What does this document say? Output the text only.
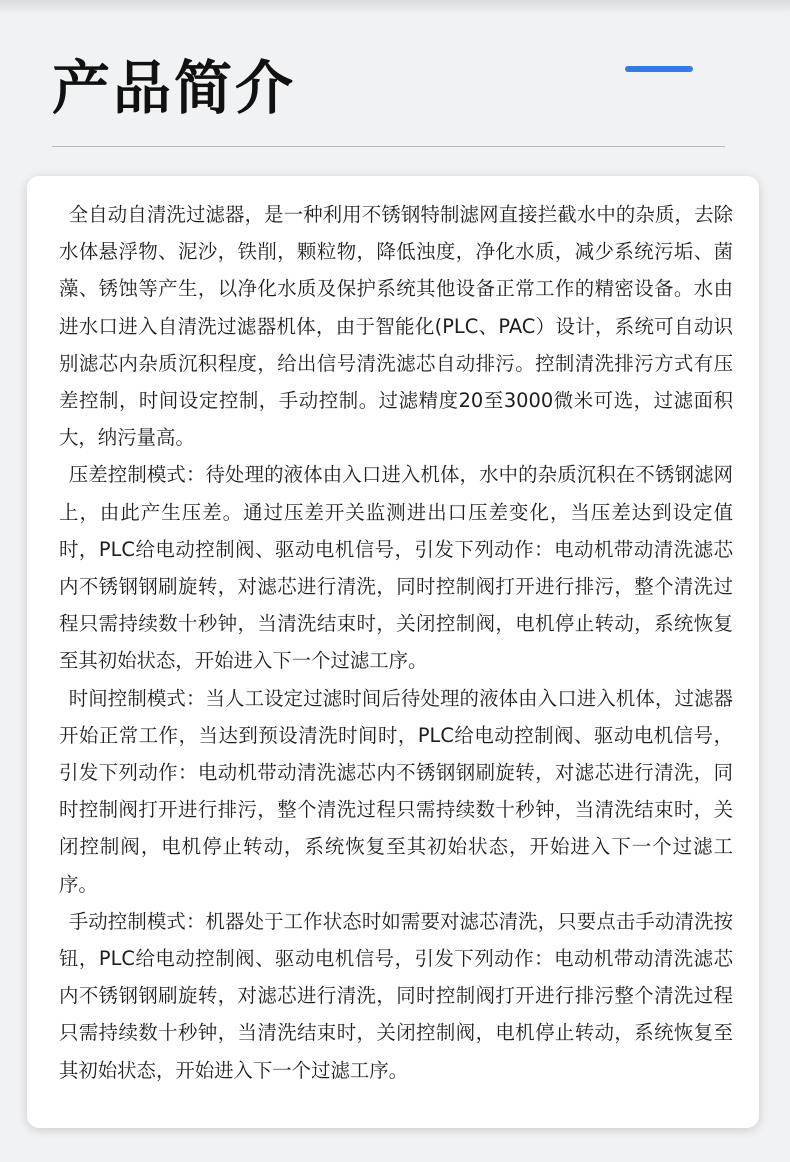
产品简介

全自动自清洗过滤器，是一种利用不锈钢特制滤网直接拦截水中的杂质，去除水体悬浮物、泥沙，铁削，颗粒物，降低浊度，净化水质，减少系统污垢、菌藻、锈蚀等产生，以净化水质及保护系统其他设备正常工作的精密设备。水由进水口进入自清洗过滤器机体，由于智能化(PLC、PAC）设计，系统可自动识别滤芯内杂质沉积程度，给出信号清洗滤芯自动排污。控制清洗排污方式有压差控制，时间设定控制，手动控制。过滤精度20至3000微米可选，过滤面积大，纳污量高。

压差控制模式：待处理的液体由入口进入机体，水中的杂质沉积在不锈钢滤网上，由此产生压差。通过压差开关监测进出口压差变化，当压差达到设定值时，PLC给电动控制阀、驱动电机信号，引发下列动作：电动机带动清洗滤芯内不锈钢钢刷旋转，对滤芯进行清洗，同时控制阀打开进行排污，整个清洗过程只需持续数十秒钟，当清洗结束时，关闭控制阀，电机停止转动，系统恢复至其初始状态，开始进入下一个过滤工序。

时间控制模式：当人工设定过滤时间后待处理的液体由入口进入机体，过滤器开始正常工作，当达到预设清洗时间时，PLC给电动控制阀、驱动电机信号，引发下列动作：电动机带动清洗滤芯内不锈钢钢刷旋转，对滤芯进行清洗，同时控制阀打开进行排污，整个清洗过程只需持续数十秒钟，当清洗结束时，关闭控制阀，电机停止转动，系统恢复至其初始状态，开始进入下一个过滤工序。

手动控制模式：机器处于工作状态时如需要对滤芯清洗，只要点击手动清洗按钮，PLC给电动控制阀、驱动电机信号，引发下列动作：电动机带动清洗滤芯内不锈钢钢刷旋转，对滤芯进行清洗，同时控制阀打开进行排污整个清洗过程只需持续数十秒钟，当清洗结束时，关闭控制阀，电机停止转动，系统恢复至其初始状态，开始进入下一个过滤工序。
